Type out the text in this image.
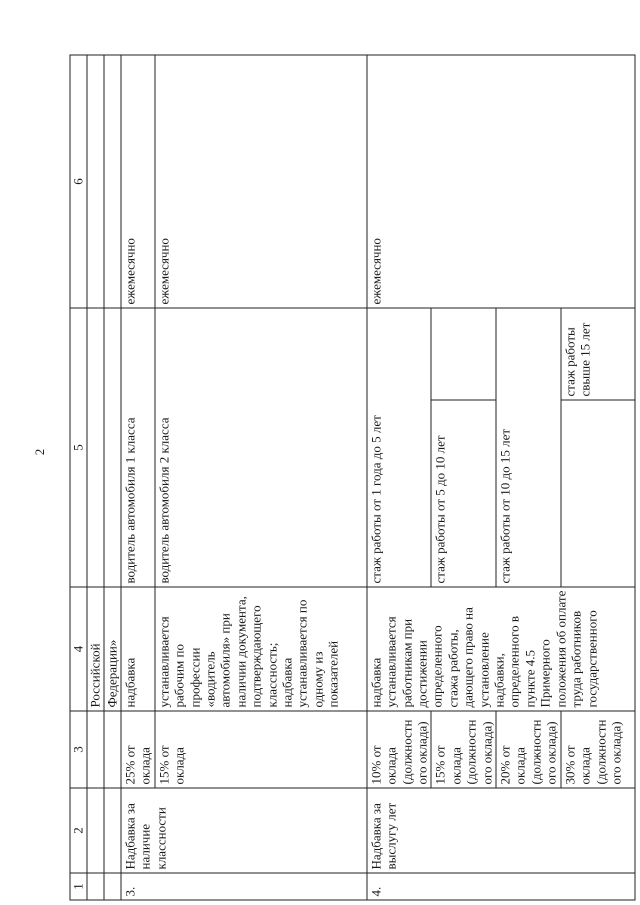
2
1	2	3	4	5		6
			Российской			
			Федерации»			
3.	Надбавка за наличие классности	25% от оклада	надбавка	водитель автомобиля 1 класса		ежемесячно
		15% от оклада	устанавливается рабочим по профессии «водитель автомобиля» при наличии документа, подтверждающего классность; надбавка устанавливается по одному из показателей	водитель автомобиля 2 класса		ежемесячно
4.	Надбавка за выслугу лет	10% от оклада (должностного оклада)	надбавка устанавливается работникам при достижении определенного стажа работы, дающего право на установление надбавки, определенного в пункте 4.5 Примерного положения об оплате труда работников государственного	стаж работы от 1 года до 5 лет		ежемесячно
		15% от оклада (должностного оклада)		стаж работы от 5 до 10 лет		
		20% от оклада (должностного оклада)		стаж работы от 10 до 15 лет		
		30% от оклада (должностного оклада)			стаж работы свыше 15 лет	
